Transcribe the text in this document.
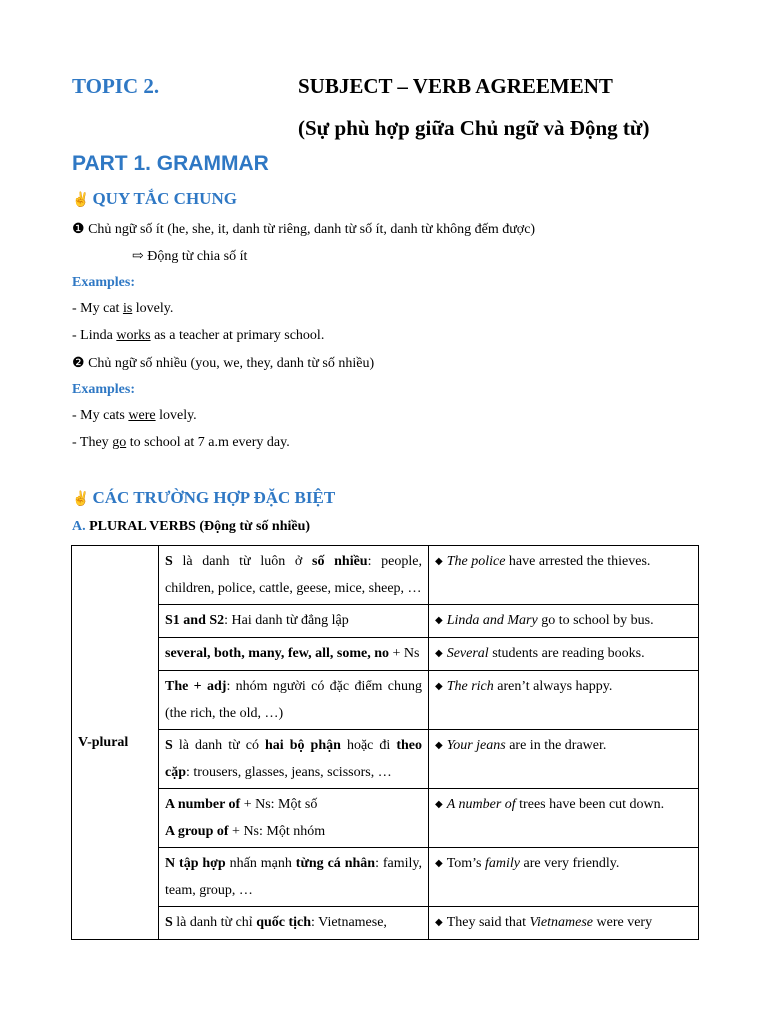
TOPIC 2.	SUBJECT – VERB AGREEMENT
(Sự phù hợp giữa Chủ ngữ và Động từ)
PART 1. GRAMMAR
✌ QUY TẮC CHUNG
❶ Chủ ngữ số ít (he, she, it, danh từ riêng, danh từ số ít, danh từ không đếm được)
⇨ Động từ chia số ít
Examples:
- My cat is lovely.
- Linda works as a teacher at primary school.
❷ Chủ ngữ số nhiều (you, we, they, danh từ số nhiều)
Examples:
- My cats were lovely.
- They go to school at 7 a.m every day.
✌ CÁC TRƯỜNG HỢP ĐẶC BIỆT
A. PLURAL VERBS (Động từ số nhiều)
V-plural	S là danh từ luôn ở số nhiều: people, children, police, cattle, geese, mice, sheep, …	◆ The police have arrested the thieves.
	S1 and S2: Hai danh từ đẳng lập	◆ Linda and Mary go to school by bus.
	several, both, many, few, all, some, no + Ns	◆ Several students are reading books.
	The + adj: nhóm người có đặc điểm chung (the rich, the old, …)	◆ The rich aren’t always happy.
	S là danh từ có hai bộ phận hoặc đi theo cặp: trousers, glasses, jeans, scissors, …	◆ Your jeans are in the drawer.
	A number of + Ns: Một số
A group of + Ns: Một nhóm	◆ A number of trees have been cut down.
	N tập hợp nhấn mạnh từng cá nhân: family, team, group, …	◆ Tom’s family are very friendly.
	S là danh từ chỉ quốc tịch: Vietnamese,	◆ They said that Vietnamese were very
